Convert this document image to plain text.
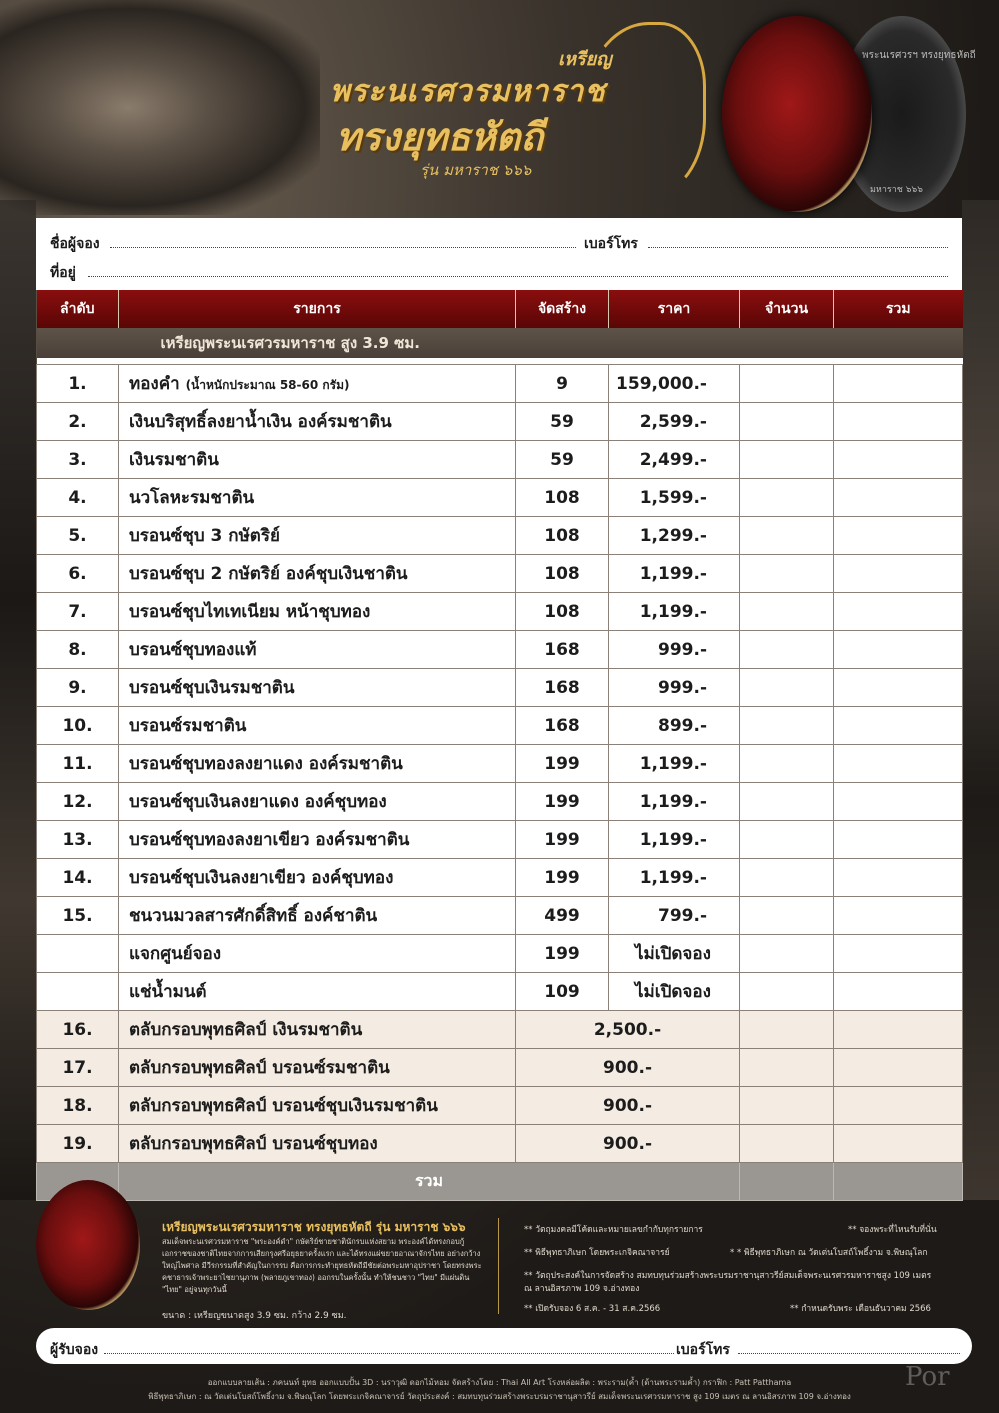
เหรียญ
พระนเรศวรมหาราช
ทรงยุทธหัตถี
รุ่น มหาราช ๖๖๖
พระนเรศวรฯ ทรงยุทธหัตถี
มหาราช ๖๖๖
ชื่อผู้จอง	เบอร์โทร
ที่อยู่
ลำดับ	รายการ	จัดสร้าง	ราคา	จำนวน	รวม
เหรียญพระนเรศวรมหาราช สูง 3.9 ซม.					

1.	ทองคำ (น้ำหนักประมาณ 58-60 กรัม)	9	159,000.-		
2.	เงินบริสุทธิ์ลงยาน้ำเงิน องค์รมชาติน	59	2,599.-		
3.	เงินรมชาติน	59	2,499.-		
4.	นวโลหะรมชาติน	108	1,599.-		
5.	บรอนซ์ชุบ 3 กษัตริย์	108	1,299.-		
6.	บรอนซ์ชุบ 2 กษัตริย์ องค์ชุบเงินชาติน	108	1,199.-		
7.	บรอนซ์ชุบไทเทเนียม หน้าชุบทอง	108	1,199.-		
8.	บรอนซ์ชุบทองแท้	168	999.-		
9.	บรอนซ์ชุบเงินรมชาติน	168	999.-		
10.	บรอนซ์รมชาติน	168	899.-		
11.	บรอนซ์ชุบทองลงยาแดง องค์รมชาติน	199	1,199.-		
12.	บรอนซ์ชุบเงินลงยาแดง องค์ชุบทอง	199	1,199.-		
13.	บรอนซ์ชุบทองลงยาเขียว องค์รมชาติน	199	1,199.-		
14.	บรอนซ์ชุบเงินลงยาเขียว องค์ชุบทอง	199	1,199.-		
15.	ชนวนมวลสารศักดิ์สิทธิ์ องค์ชาติน	499	799.-		
	แจกศูนย์จอง	199	ไม่เปิดจอง		
	แช่น้ำมนต์	109	ไม่เปิดจอง		
16.	ตลับกรอบพุทธศิลป์ เงินรมชาติน	2,500.-			
17.	ตลับกรอบพุทธศิลป์ บรอนซ์รมชาติน	900.-			
18.	ตลับกรอบพุทธศิลป์ บรอนซ์ชุบเงินรมชาติน	900.-			
19.	ตลับกรอบพุทธศิลป์ บรอนซ์ชุบทอง	900.-			
	รวม				
เหรียญพระนเรศวรมหาราช ทรงยุทธหัตถี รุ่น มหาราช ๖๖๖
สมเด็จพระนเรศวรมหาราช "พระองค์ดำ" กษัตริย์ชายชาตินักรบแห่งสยาม พระองค์ได้ทรงกอบกู้เอกราชของชาติไทยจากการเสียกรุงศรีอยุธยาครั้งแรก และได้ทรงแผ่ขยายอาณาจักรไทย อย่างกว้างใหญ่ไพศาล มีวีรกรรมที่สำคัญในการรบ คือการกระทำยุทธหัตถีมีชัยต่อพระมหาอุปราชา โดยทรงพระคชาธารเจ้าพระยาไชยานุภาพ (พลายภูเขาทอง) ออกรบในครั้งนั้น ทำให้ชนชาว "ไทย" มีแผ่นดิน "ไทย" อยู่จนทุกวันนี้
ขนาด : เหรียญขนาดสูง 3.9 ซม. กว้าง 2.9 ซม.
** วัตถุมงคลมีโค้ดและหมายเลขกำกับทุกรายการ
** พิธีพุทธาภิเษก โดยพระเกจิคณาจารย์
** วัตถุประสงค์ในการจัดสร้าง สมทบทุนร่วมสร้างพระบรมราชานุสาวรีย์สมเด็จพระนเรศวรมหาราชสูง 109 เมตร
ณ ลานอิสรภาพ 109 จ.อ่างทอง
** เปิดรับจอง 6 ส.ค. - 31 ส.ค.2566
** จองพระที่ไหนรับที่นั่น
* * พิธีพุทธาภิเษก ณ วัดเต่นโบสถ์โพธิ์งาม จ.พิษณุโลก
** กำหนดรับพระ เดือนธันวาคม 2566
ผู้รับจอง	เบอร์โทร
ออกแบบลายเส้น : ภคนนท์ ยุทธ ออกแบบปั้น 3D : นราวุฒิ ดอกไม้หอม จัดสร้างโดย : Thai All Art โรงหล่อผลิต : พระราม(ค้ำ (ด้านพระรามค้ำ) กราฟิก : Patt Patthama
พิธีพุทธาภิเษก : ณ วัดเต่นโบสถ์โพธิ์งาม จ.พิษณุโลก โดยพระเกจิคณาจารย์ วัตถุประสงค์ : สมทบทุนร่วมสร้างพระบรมราชานุสาวรีย์ สมเด็จพระนเรศวรมหาราช สูง 109 เมตร ณ ลานอิสรภาพ 109 จ.อ่างทอง
Por
